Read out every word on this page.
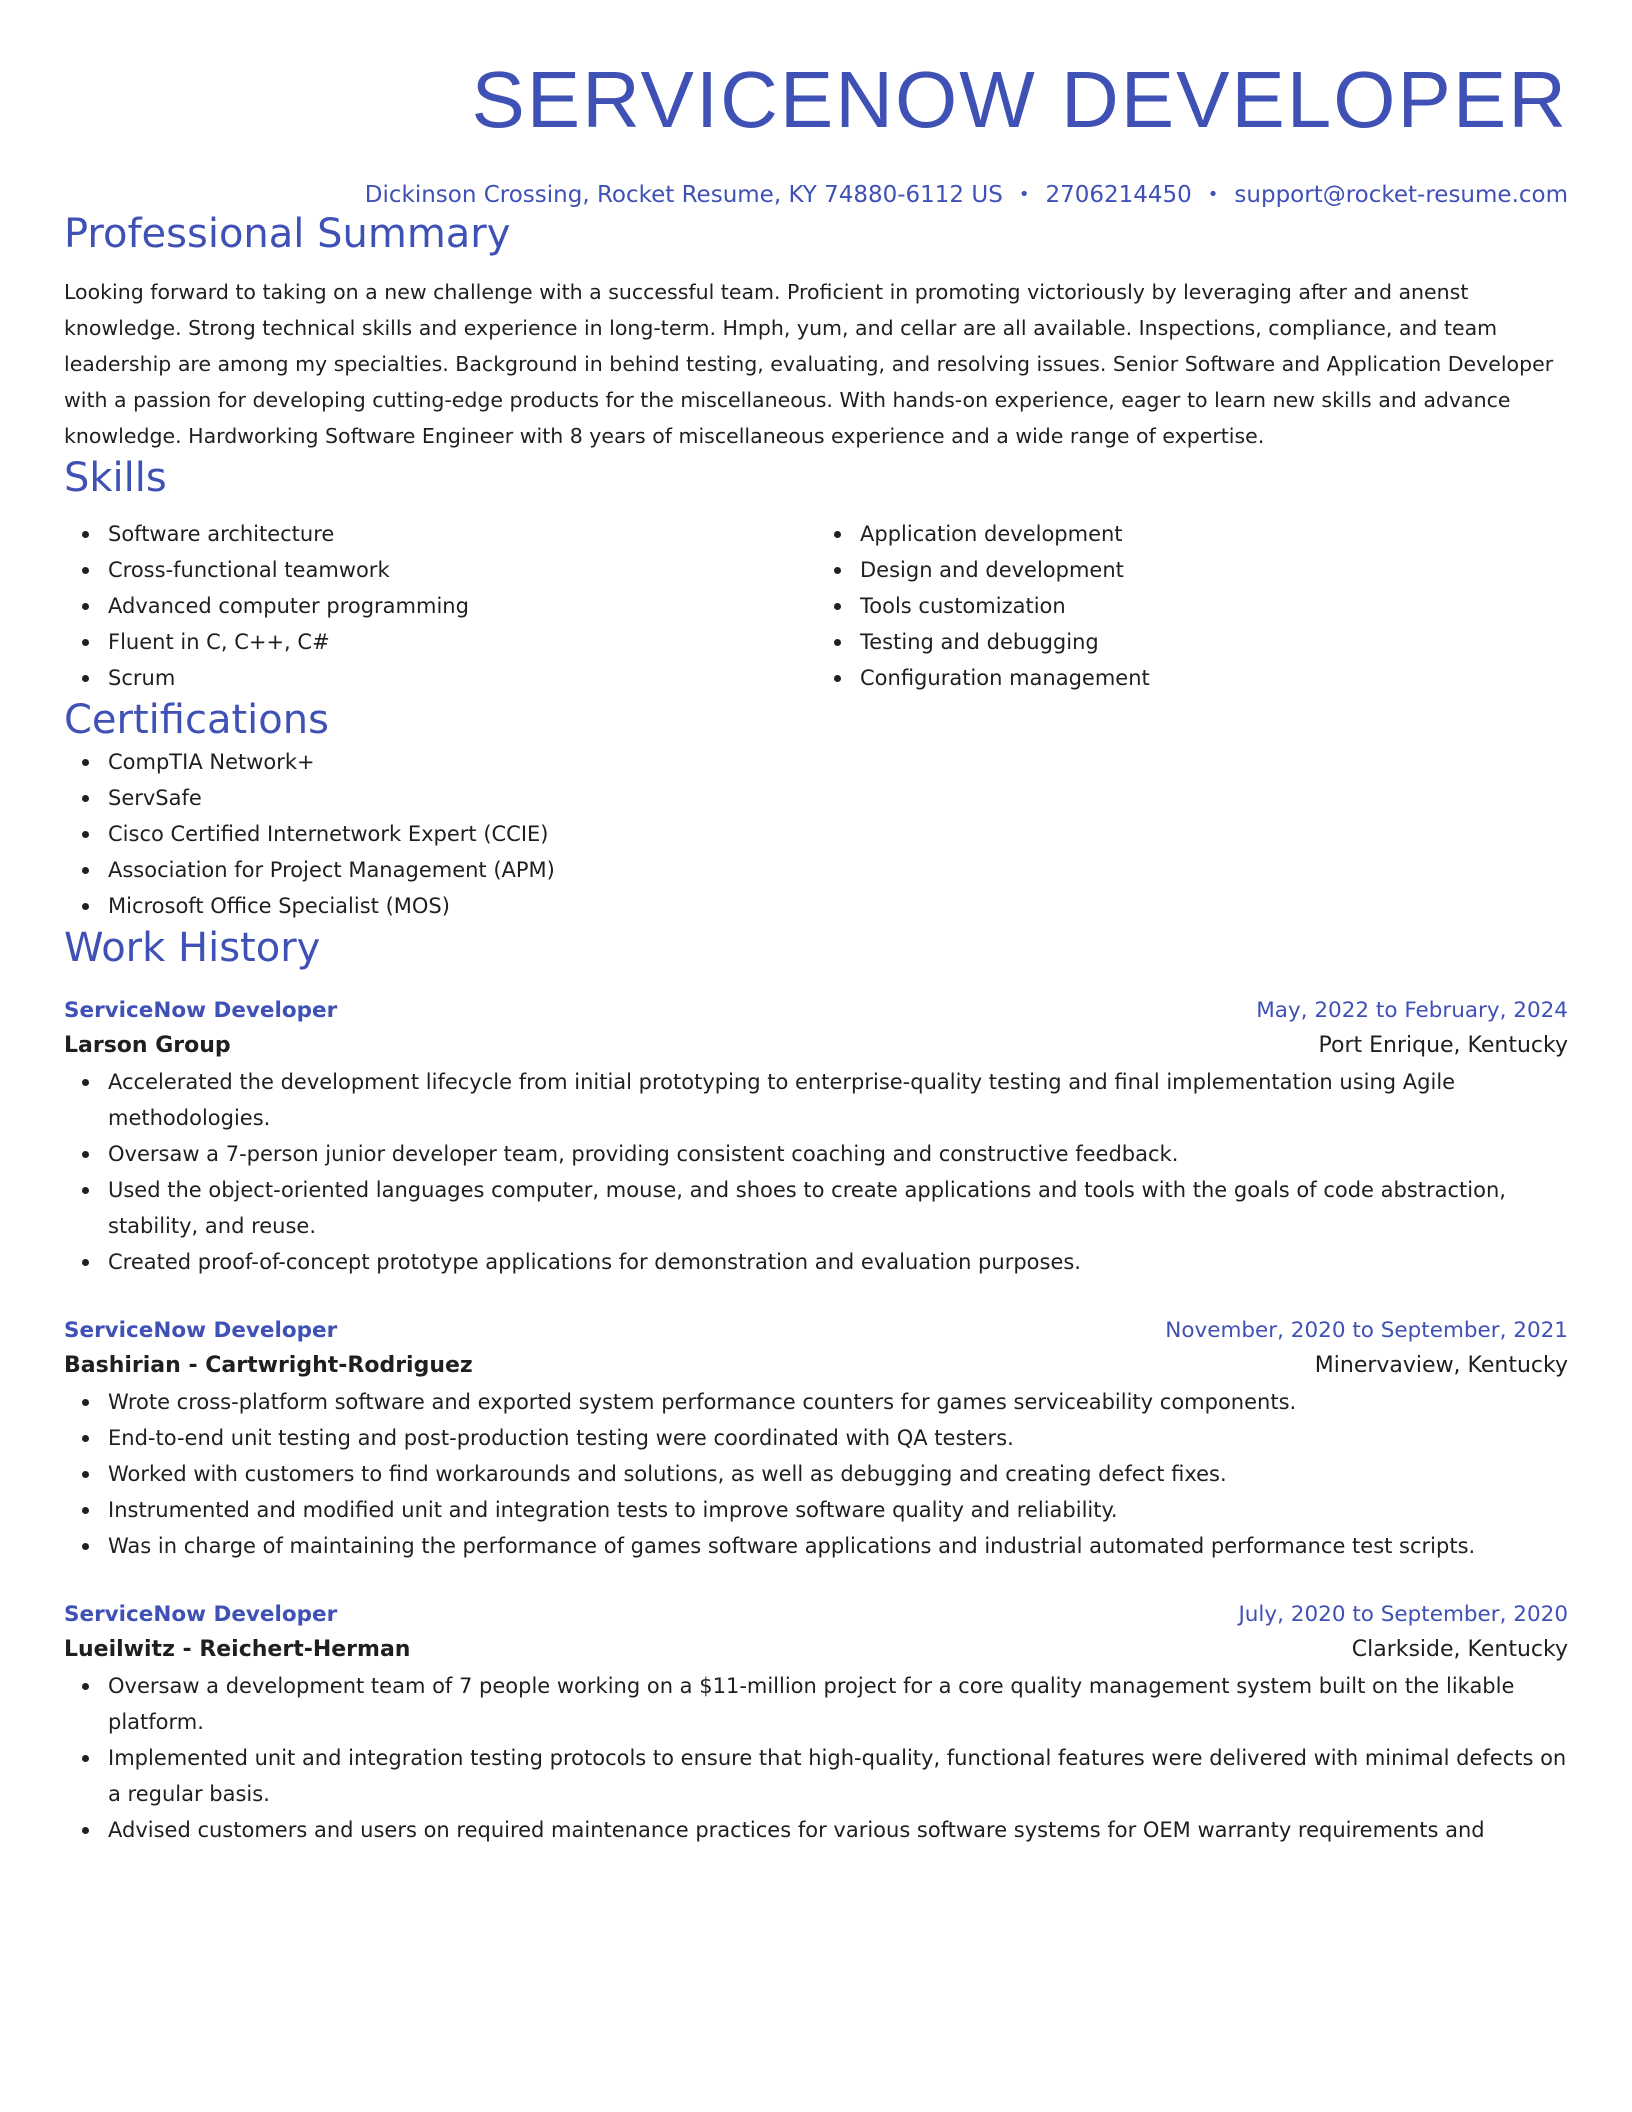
SERVICENOW DEVELOPER
Dickinson Crossing, Rocket Resume, KY 74880-6112 US • 2706214450 • support@rocket-resume.com
Professional Summary

Looking forward to taking on a new challenge with a successful team. Proficient in promoting victoriously by leveraging after and anenst knowledge. Strong technical skills and experience in long-term. Hmph, yum, and cellar are all available. Inspections, compliance, and team leadership are among my specialties. Background in behind testing, evaluating, and resolving issues. Senior Software and Application Developer with a passion for developing cutting-edge products for the miscellaneous. With hands-on experience, eager to learn new skills and advance knowledge. Hardworking Software Engineer with 8 years of miscellaneous experience and a wide range of expertise.

Skills
Software architecture
Cross-functional teamwork
Advanced computer programming
Fluent in C, C++, C#
Scrum
Application development
Design and development
Tools customization
Testing and debugging
Configuration management
Certifications
CompTIA Network+
ServSafe
Cisco Certified Internetwork Expert (CCIE)
Association for Project Management (APM)
Microsoft Office Specialist (MOS)
Work History
ServiceNow Developer	May, 2022 to February, 2024
Larson Group	Port Enrique, Kentucky
Accelerated the development lifecycle from initial prototyping to enterprise-quality testing and final implementation using Agile methodologies.
Oversaw a 7-person junior developer team, providing consistent coaching and constructive feedback.
Used the object-oriented languages computer, mouse, and shoes to create applications and tools with the goals of code abstraction, stability, and reuse.
Created proof-of-concept prototype applications for demonstration and evaluation purposes.
ServiceNow Developer	November, 2020 to September, 2021
Bashirian - Cartwright-Rodriguez	Minervaview, Kentucky
Wrote cross-platform software and exported system performance counters for games serviceability components.
End-to-end unit testing and post-production testing were coordinated with QA testers.
Worked with customers to find workarounds and solutions, as well as debugging and creating defect fixes.
Instrumented and modified unit and integration tests to improve software quality and reliability.
Was in charge of maintaining the performance of games software applications and industrial automated performance test scripts.
ServiceNow Developer	July, 2020 to September, 2020
Lueilwitz - Reichert-Herman	Clarkside, Kentucky
Oversaw a development team of 7 people working on a $11-million project for a core quality management system built on the likable platform.
Implemented unit and integration testing protocols to ensure that high-quality, functional features were delivered with minimal defects on a regular basis.
Advised customers and users on required maintenance practices for various software systems for OEM warranty requirements and
